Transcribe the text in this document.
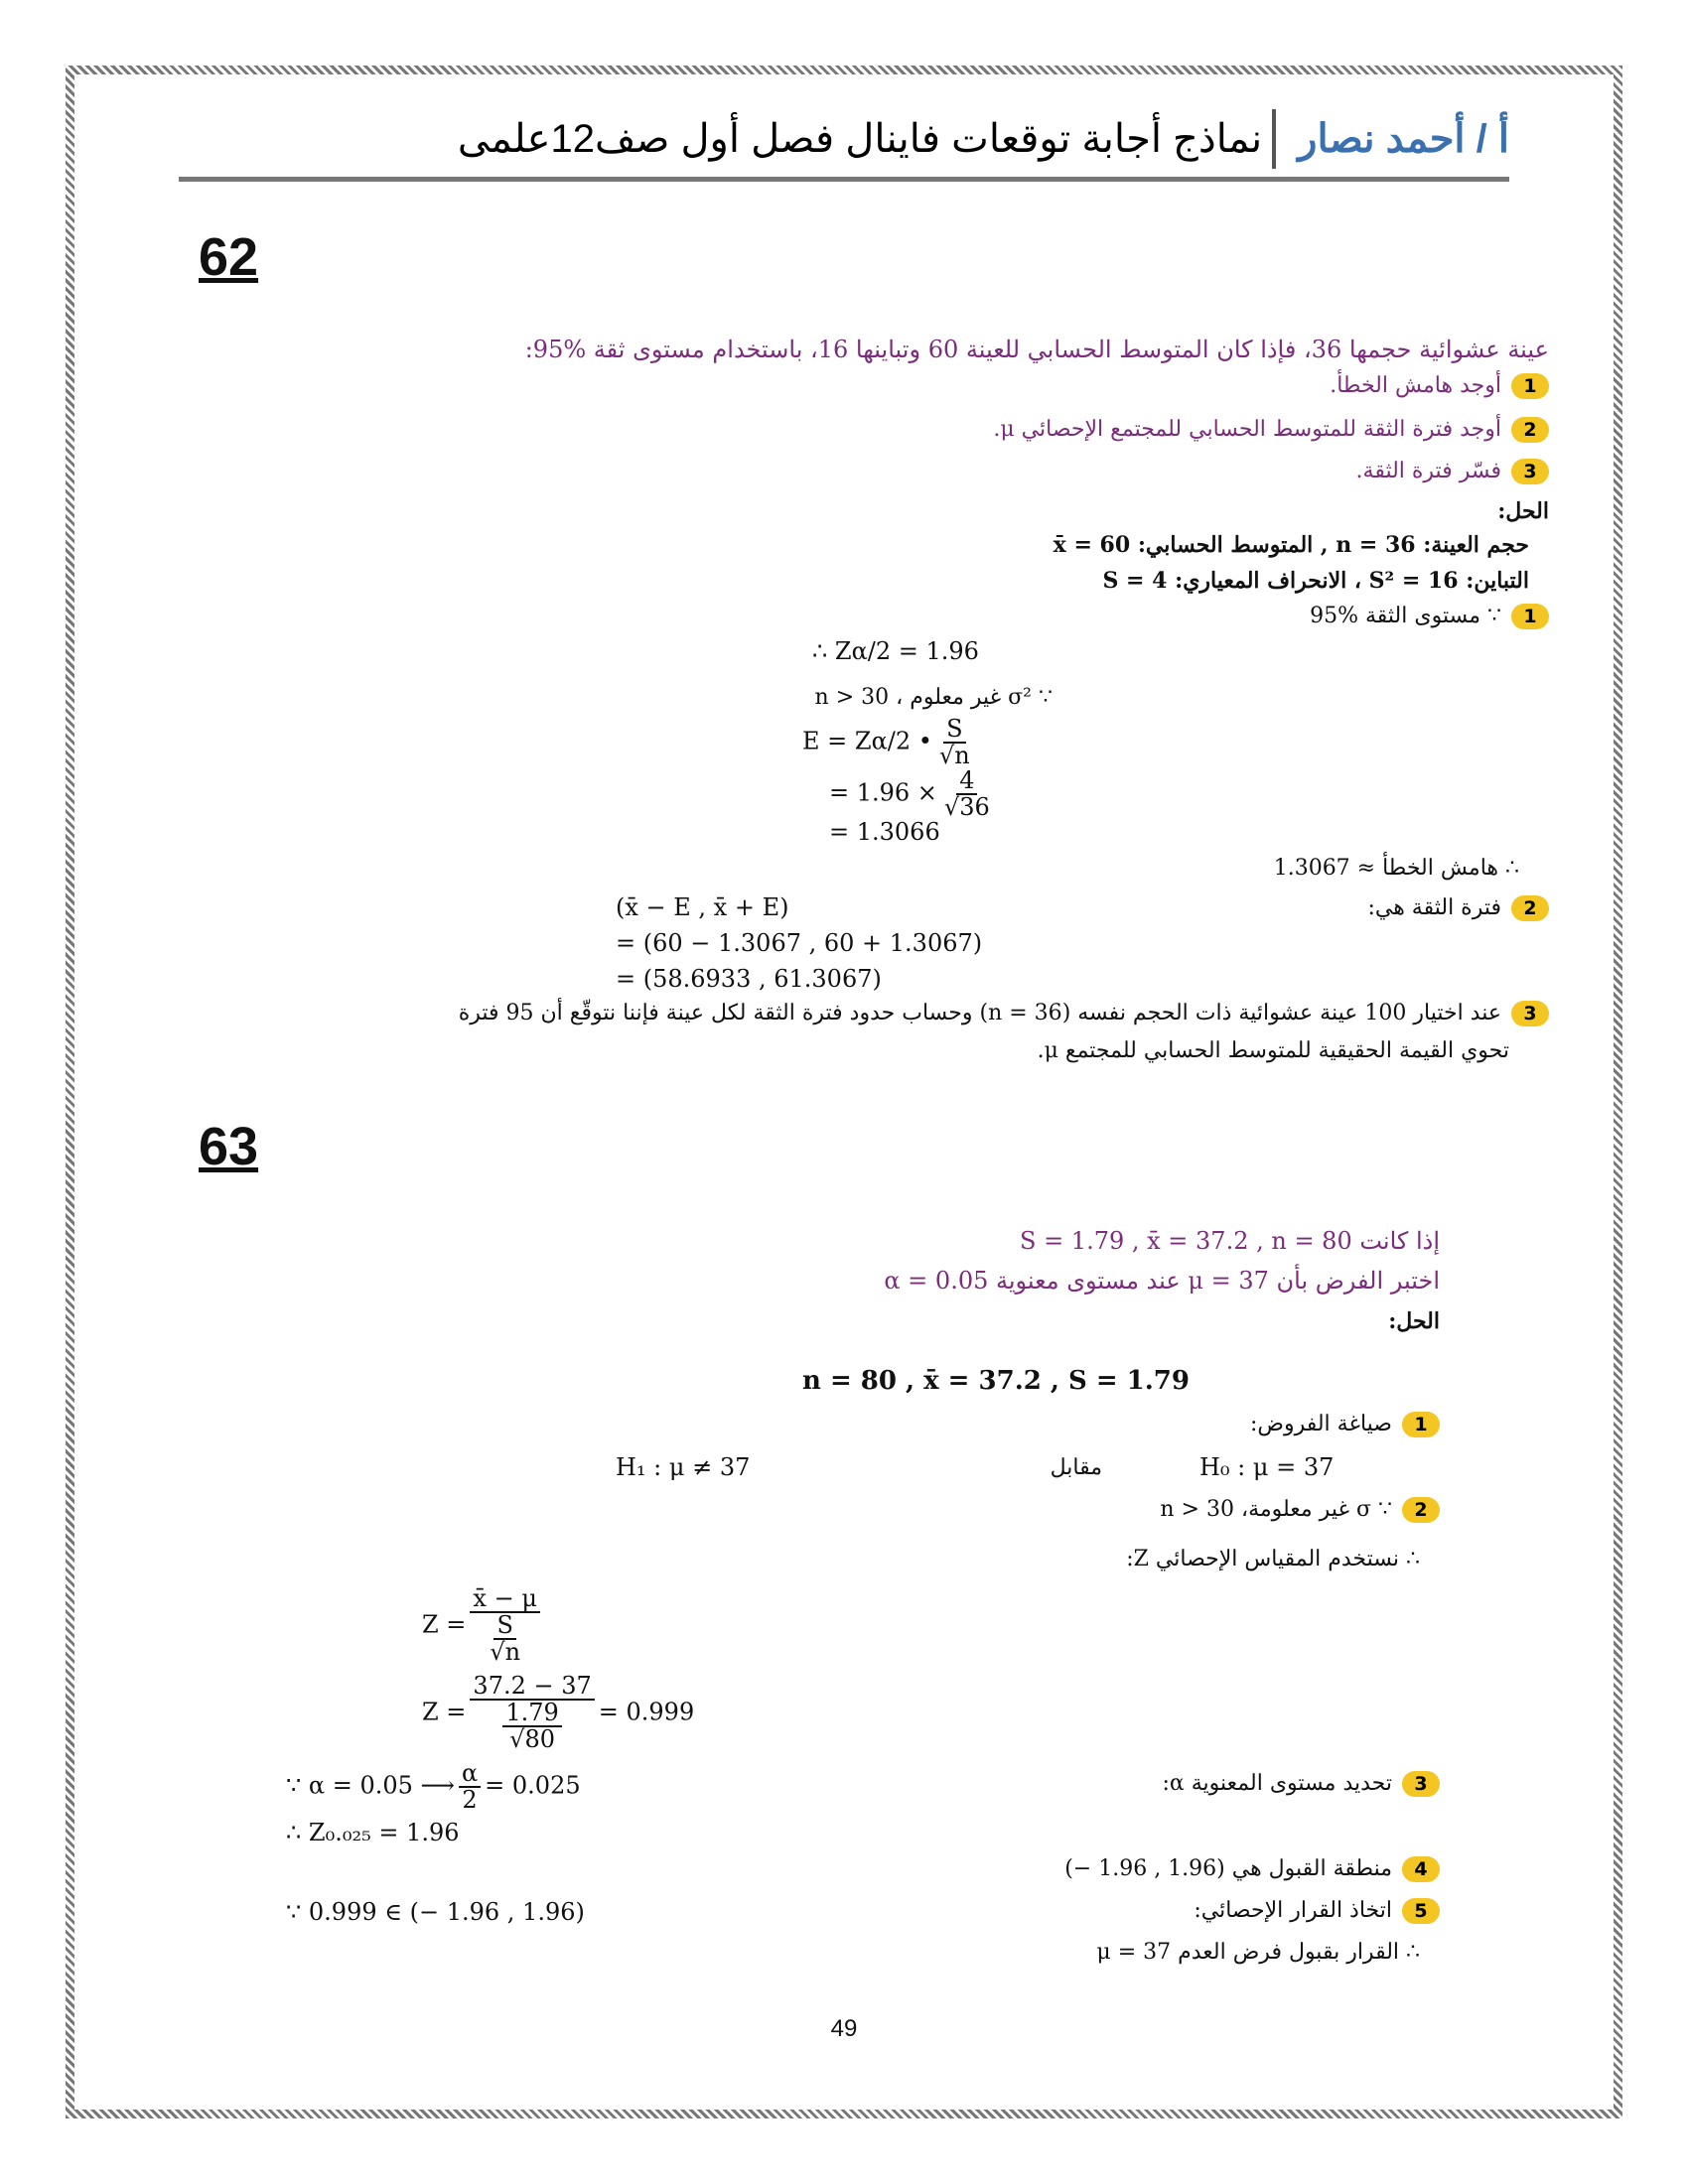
أ / أحمد نصار
نماذج أجابة توقعات فاينال فصل أول صف12علمى
62
عينة عشوائية حجمها 36، فإذا كان المتوسط الحسابي للعينة 60 وتباينها 16، باستخدام مستوى ثقة %95:
1أوجد هامش الخطأ.
2أوجد فترة الثقة للمتوسط الحسابي للمجتمع الإحصائي μ.
3فسّر فترة الثقة.
الحل:
حجم العينة: n = 36 , المتوسط الحسابي: x̄ = 60
التباين: S² = 16 ، الانحراف المعياري: S = 4
1∵ مستوى الثقة %95
∴ Zα/2 = 1.96
∵ σ² غير معلوم ، n > 30
E = Zα/2 • $\frac{S}{√n}$
= $1.96 \times \frac{4}{√36}$
= 1.3066
∴ هامش الخطأ ≈ 1.3067
2فترة الثقة هي:
(x̄ − E , x̄ + E)
= (60 − 1.3067 , 60 + 1.3067)
= (58.6933 , 61.3067)
3عند اختيار 100 عينة عشوائية ذات الحجم نفسه (n = 36) وحساب حدود فترة الثقة لكل عينة فإننا نتوقّع أن 95 فترة
تحوي القيمة الحقيقية للمتوسط الحسابي للمجتمع μ.
63
إذا كانت S = 1.79 , x̄ = 37.2 , n = 80
اختبر الفرض بأن μ = 37 عند مستوى معنوية α = 0.05
الحل:
n = 80 , x̄ = 37.2 , S = 1.79
1صياغة الفروض:
H₀ : μ = 37
مقابل
H₁ : μ ≠ 37
2∵ σ غير معلومة، n > 30
∴ نستخدم المقياس الإحصائي Z:
$Z = \frac{x̄ - \mu}{\frac{S}{√n}}$
$Z = \frac{37.2 - 37}{\frac{1.79}{√80}} = 0.999$
3تحديد مستوى المعنوية α:
∵ α = 0.05 ⟶ $\frac{\alpha}{2} = 0.025$
∴ Z₀.₀₂₅ = 1.96
4منطقة القبول هي (1.96 , 1.96 −)
5اتخاذ القرار الإحصائي:
∵ 0.999 ∈ (− 1.96 , 1.96)
∴ القرار بقبول فرض العدم μ = 37
49
